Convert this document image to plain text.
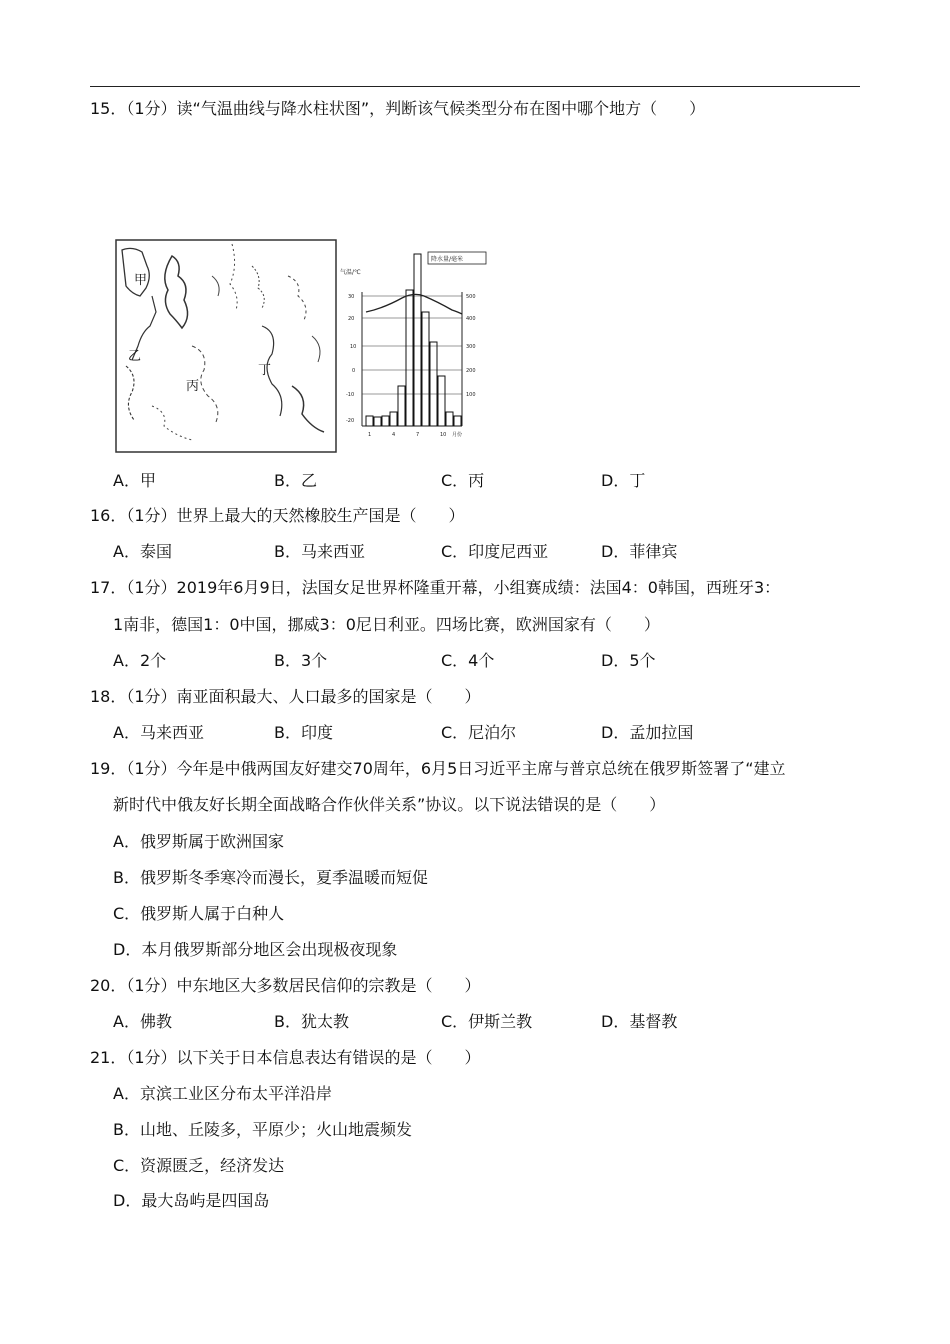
15．（1分）读“气温曲线与降水柱状图”，判断该气候类型分布在图中哪个地方（　　）
甲
乙
丙
丁
气温/℃
降水量/毫米
30
20
10
0
-10
-20
500
400
300
200
100
1	4	7	10 月份
A．甲	B．乙	C．丙	D．丁
16．（1分）世界上最大的天然橡胶生产国是（　　）
A．泰国	B．马来西亚	C．印度尼西亚	D．菲律宾
17．（1分）2019年6月9日，法国女足世界杯隆重开幕，小组赛成绩：法国4：0韩国，西班牙3：
1南非，德国1：0中国，挪威3：0尼日利亚。四场比赛，欧洲国家有（　　）
A．2个	B．3个	C．4个	D．5个
18．（1分）南亚面积最大、人口最多的国家是（　　）
A．马来西亚	B．印度	C．尼泊尔	D．孟加拉国
19．（1分）今年是中俄两国友好建交70周年，6月5日习近平主席与普京总统在俄罗斯签署了“建立
新时代中俄友好长期全面战略合作伙伴关系”协议。以下说法错误的是（　　）
A．俄罗斯属于欧洲国家
B．俄罗斯冬季寒冷而漫长，夏季温暖而短促
C．俄罗斯人属于白种人
D．本月俄罗斯部分地区会出现极夜现象
20．（1分）中东地区大多数居民信仰的宗教是（　　）
A．佛教	B．犹太教	C．伊斯兰教	D．基督教
21．（1分）以下关于日本信息表达有错误的是（　　）
A．京滨工业区分布太平洋沿岸
B．山地、丘陵多，平原少；火山地震频发
C．资源匮乏，经济发达
D．最大岛屿是四国岛
